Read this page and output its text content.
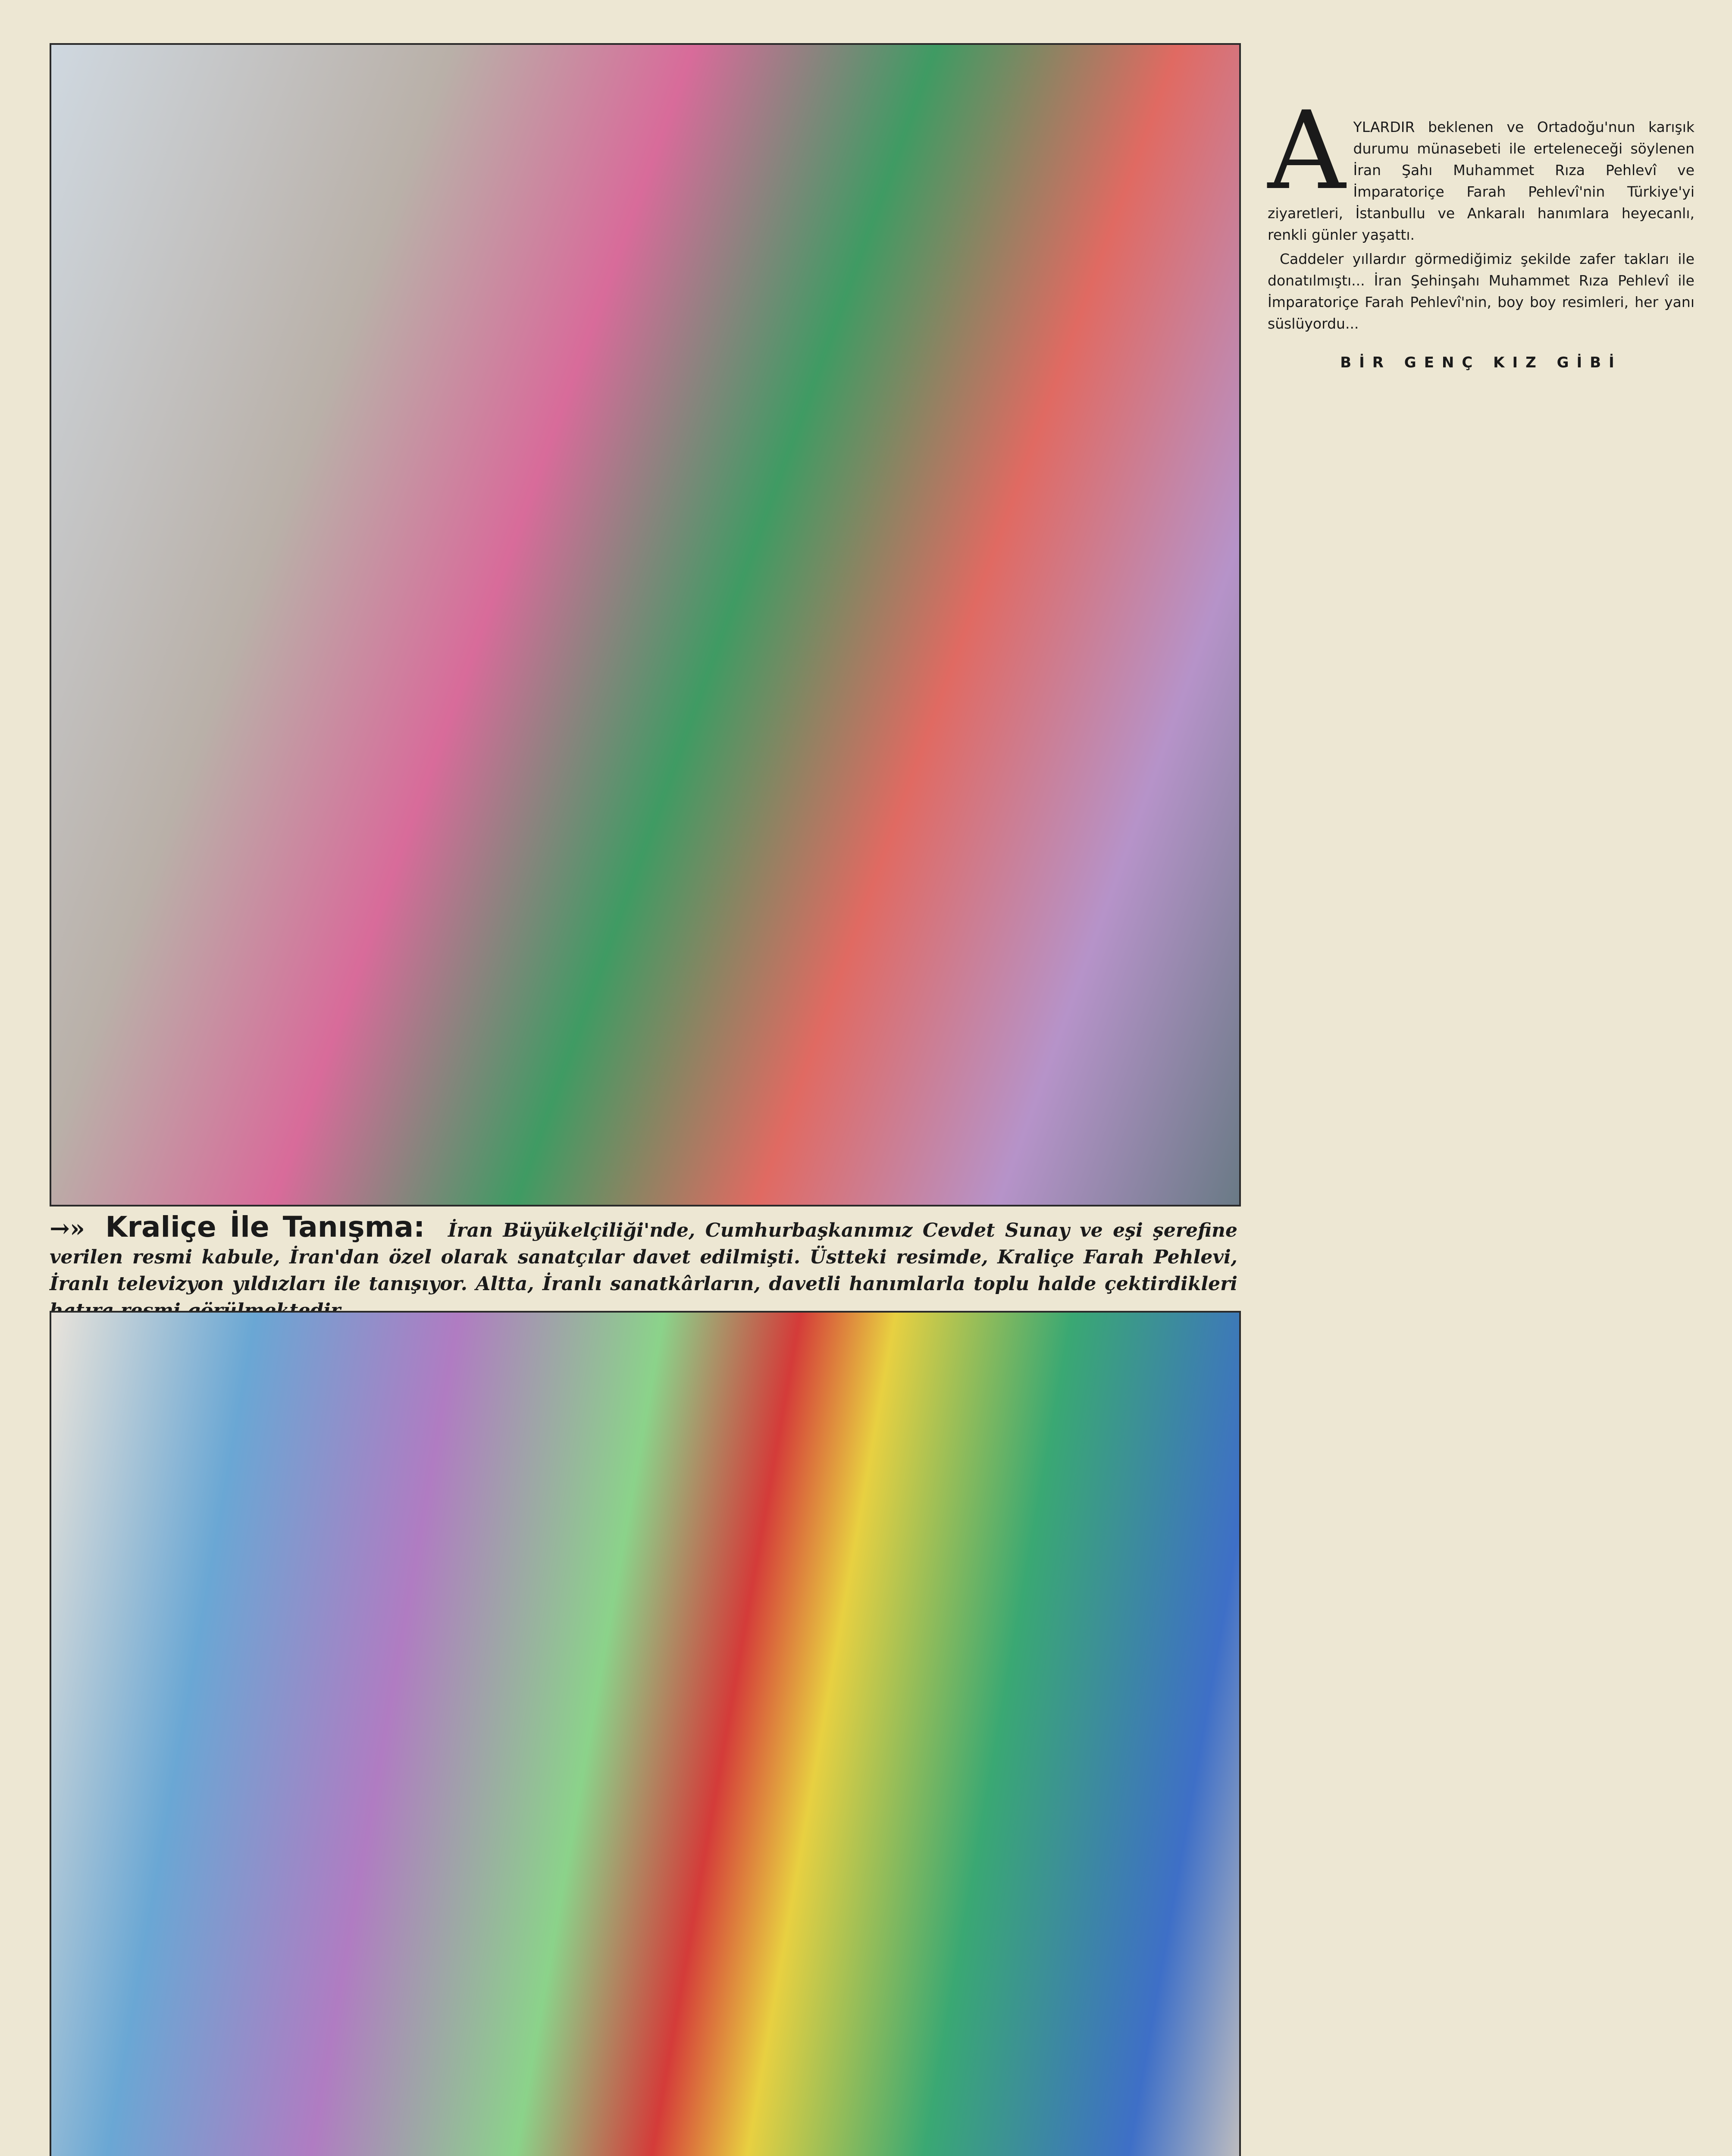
→» Kraliçe İle Tanışma: İran Büyükelçiliği'nde, Cumhurbaşkanımız Cevdet Sunay ve eşi şerefine verilen resmi kabule, İran'dan özel olarak sanatçılar davet edilmişti. Üstteki resimde, Kraliçe Farah Pehlevi, İranlı televizyon yıldızları ile tanışıyor. Altta, İranlı sanatkârların, davetli hanımlarla toplu halde çektirdikleri

A YLARDIR beklenen ve Ortadoğu'nun karışık durumu münasebeti ile erteleneceği söylenen İran Şahı Muhammet Rıza Pehlevî ve İmparatoriçe Farah Pehlevî'nin Türkiye'yi ziyaretleri, İstanbullu ve Ankaralı hanımlara heyecanlı, renkli günler yaşattı.

Caddeler yıllardır görmediğimiz şekilde zafer takları ile donatılmıştı... İran Şehinşahı Muhammet Rıza Pehlevî ile İmparatoriçe Farah Pehlevî'nin, boy boy resimleri, her yanı süslüyordu...

BİR GENÇ KIZ GİBİ
